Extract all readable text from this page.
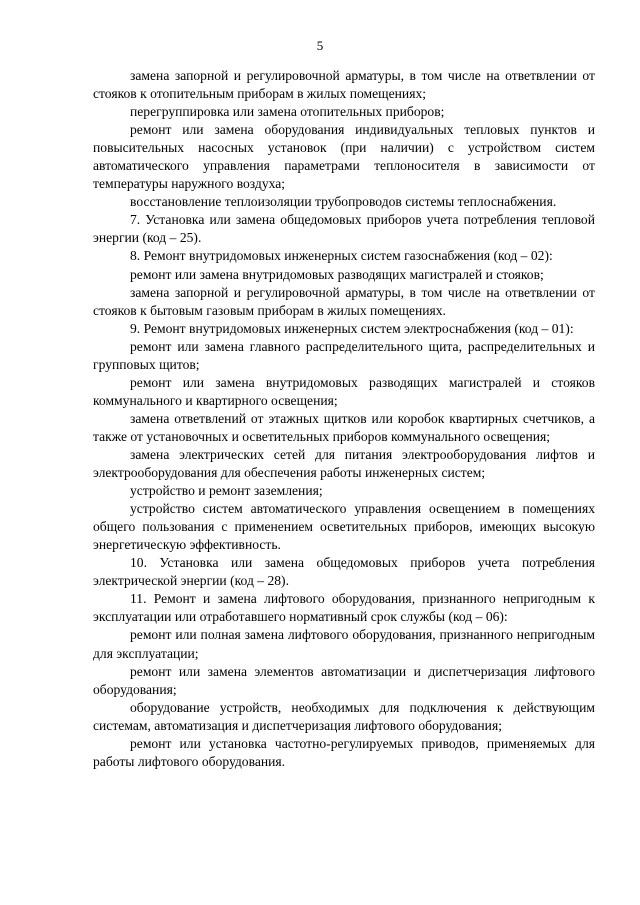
5

замена запорной и регулировочной арматуры, в том числе на ответвлении от стояков к отопительным приборам в жилых помещениях;

перегруппировка или замена отопительных приборов;

ремонт или замена оборудования индивидуальных тепловых пунктов и повысительных насосных установок (при наличии) с устройством систем автоматического управления параметрами теплоносителя в зависимости от температуры наружного воздуха;

восстановление теплоизоляции трубопроводов системы теплоснабжения.

7. Установка или замена общедомовых приборов учета потребления тепловой энергии (код – 25).

8. Ремонт внутридомовых инженерных систем газоснабжения (код – 02):

ремонт или замена внутридомовых разводящих магистралей и стояков;

замена запорной и регулировочной арматуры, в том числе на ответвлении от стояков к бытовым газовым приборам в жилых помещениях.

9. Ремонт внутридомовых инженерных систем электроснабжения (код – 01):

ремонт или замена главного распределительного щита, распределительных и групповых щитов;

ремонт или замена внутридомовых разводящих магистралей и стояков коммунального и квартирного освещения;

замена ответвлений от этажных щитков или коробок квартирных счетчиков, а также от установочных и осветительных приборов коммунального освещения;

замена электрических сетей для питания электрооборудования лифтов и электрооборудования для обеспечения работы инженерных систем;

устройство и ремонт заземления;

устройство систем автоматического управления освещением в помещениях общего пользования с применением осветительных приборов, имеющих высокую энергетическую эффективность.

10. Установка или замена общедомовых приборов учета потребления электрической энергии (код – 28).

11. Ремонт и замена лифтового оборудования, признанного непригодным к эксплуатации или отработавшего нормативный срок службы (код – 06):

ремонт или полная замена лифтового оборудования, признанного непригодным для эксплуатации;

ремонт или замена элементов автоматизации и диспетчеризация лифтового оборудования;

оборудование устройств, необходимых для подключения к действующим системам, автоматизация и диспетчеризация лифтового оборудования;

ремонт или установка частотно-регулируемых приводов, применяемых для работы лифтового оборудования.
